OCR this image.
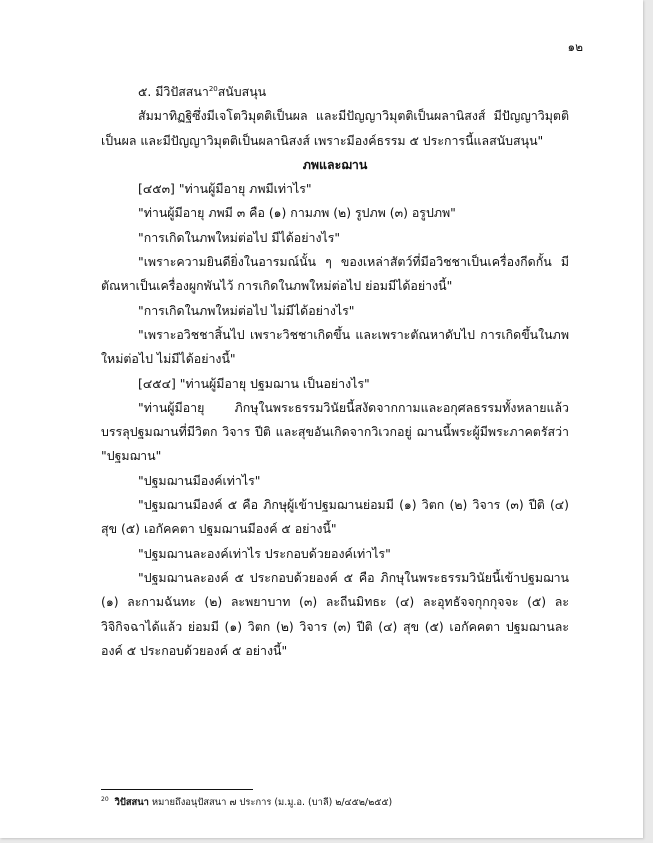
๑๒

๕. มีวิปัสสนา$^{20}$สนับสนุน

สัมมาทิฏฐิซึ่งมีเจโตวิมุตติเป็นผล และมีปัญญาวิมุตติเป็นผลานิสงส์ มีปัญญาวิมุตติเป็นผล และมีปัญญาวิมุตติเป็นผลานิสงส์ เพราะมีองค์ธรรม ๕ ประการนี้แลสนับสนุน"

ภพและฌาน

[๔๕๓] "ท่านผู้มีอายุ ภพมีเท่าไร"

"ท่านผู้มีอายุ ภพมี ๓ คือ (๑) กามภพ (๒) รูปภพ (๓) อรูปภพ"

"การเกิดในภพใหม่ต่อไป มีได้อย่างไร"

"เพราะความยินดียิ่งในอารมณ์นั้น ๆ ของเหล่าสัตว์ที่มีอวิชชาเป็นเครื่องกีดกั้น มีตัณหาเป็นเครื่องผูกพันไว้ การเกิดในภพใหม่ต่อไป ย่อมมีได้อย่างนี้"

"การเกิดในภพใหม่ต่อไป ไม่มีได้อย่างไร"

"เพราะอวิชชาสิ้นไป เพราะวิชชาเกิดขึ้น และเพราะตัณหาดับไป การเกิดขึ้นในภพใหม่ต่อไป ไม่มีได้อย่างนี้"

[๔๕๔] "ท่านผู้มีอายุ ปฐมฌาน เป็นอย่างไร"

"ท่านผู้มีอายุ ภิกษุในพระธรรมวินัยนี้สงัดจากกามและอกุศลธรรมทั้งหลายแล้ว บรรลุปฐมฌานที่มีวิตก วิจาร ปีติ และสุขอันเกิดจากวิเวกอยู่ ฌานนี้พระผู้มีพระภาคตรัสว่า "ปฐมฌาน"

"ปฐมฌานมีองค์เท่าไร"

"ปฐมฌานมีองค์ ๕ คือ ภิกษุผู้เข้าปฐมฌานย่อมมี (๑) วิตก (๒) วิจาร (๓) ปีติ (๔) สุข (๕) เอกัคคตา ปฐมฌานมีองค์ ๕ อย่างนี้"

"ปฐมฌานละองค์เท่าไร ประกอบด้วยองค์เท่าไร"

"ปฐมฌานละองค์ ๕ ประกอบด้วยองค์ ๕ คือ ภิกษุในพระธรรมวินัยนี้เข้าปฐมฌาน (๑) ละกามฉันทะ (๒) ละพยาบาท (๓) ละถีนมิทธะ (๔) ละอุทธัจจกุกกุจจะ (๕) ละวิจิกิจฉาได้แล้ว ย่อมมี (๑) วิตก (๒) วิจาร (๓) ปีติ (๔) สุข (๕) เอกัคคตา ปฐมฌานละองค์ ๕ ประกอบด้วยองค์ ๕ อย่างนี้"

$^{20}$ วิปัสสนา หมายถึงอนุปัสสนา ๗ ประการ (ม.มู.อ. (บาลี) ๒/๔๕๒/๒๕๕)
